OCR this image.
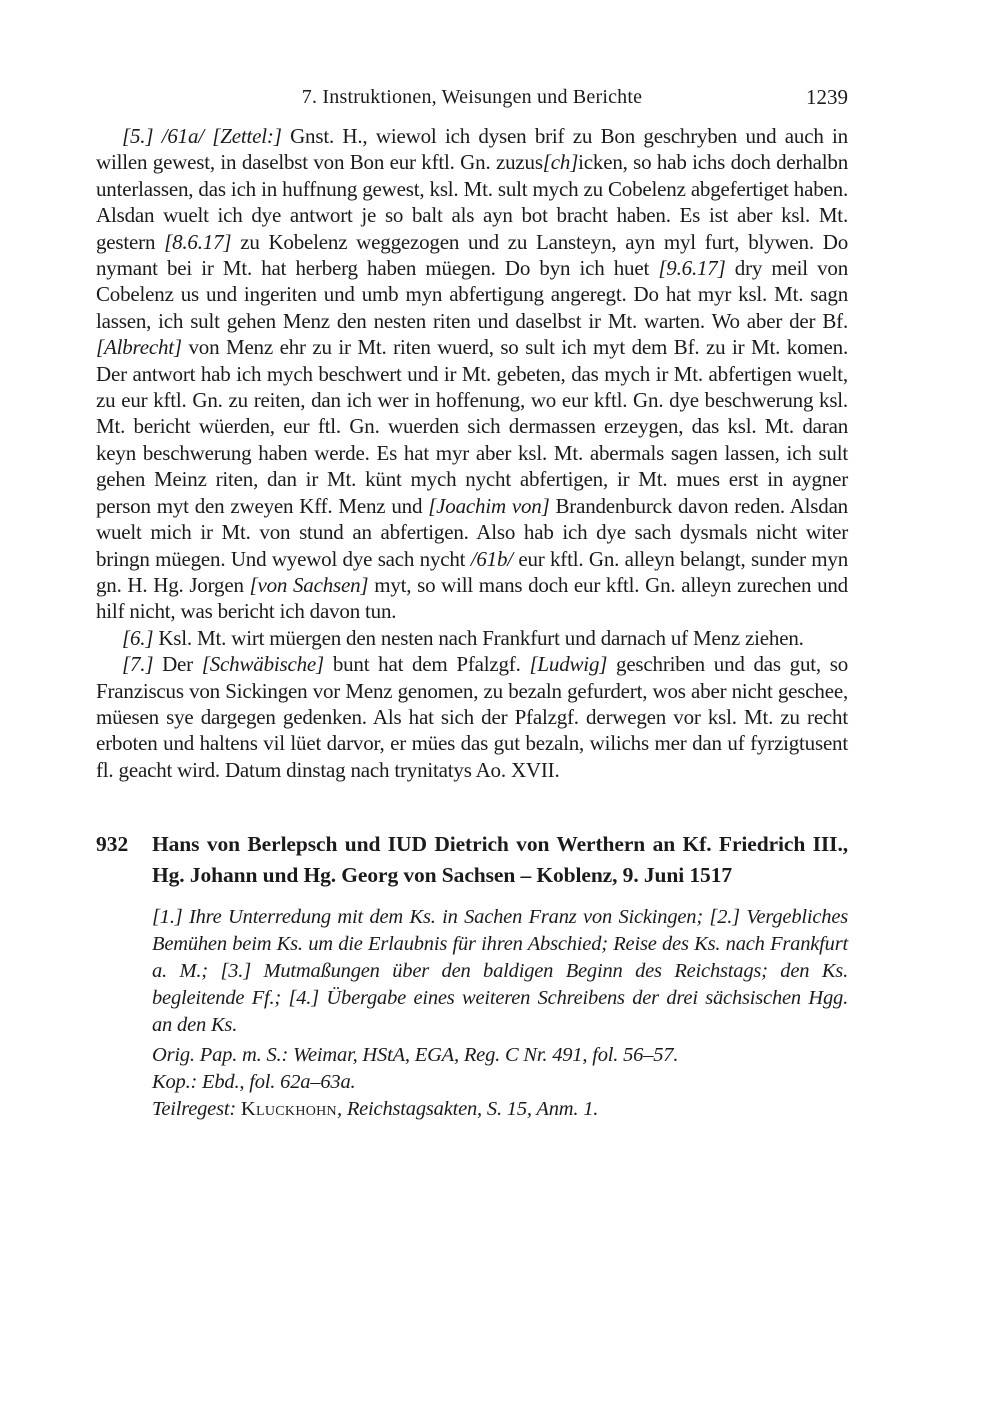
7. Instruktionen, Weisungen und Berichte	1239

[5.] /61a/ [Zettel:] Gnst. H., wiewol ich dysen brif zu Bon geschryben und auch in willen gewest, in daselbst von Bon eur kftl. Gn. zuzus[ch]icken, so hab ichs doch derhalbn unterlassen, das ich in huffnung gewest, ksl. Mt. sult mych zu Cobelenz abgefertiget haben. Alsdan wuelt ich dye antwort je so balt als ayn bot bracht haben. Es ist aber ksl. Mt. gestern [8.6.17] zu Kobelenz weggezogen und zu Lansteyn, ayn myl furt, blywen. Do nymant bei ir Mt. hat herberg haben müegen. Do byn ich huet [9.6.17] dry meil von Cobelenz us und ingeriten und umb myn abfertigung angeregt. Do hat myr ksl. Mt. sagn lassen, ich sult gehen Menz den nesten riten und daselbst ir Mt. warten. Wo aber der Bf. [Albrecht] von Menz ehr zu ir Mt. riten wuerd, so sult ich myt dem Bf. zu ir Mt. komen. Der antwort hab ich mych beschwert und ir Mt. gebeten, das mych ir Mt. abfertigen wuelt, zu eur kftl. Gn. zu reiten, dan ich wer in hoffenung, wo eur kftl. Gn. dye beschwerung ksl. Mt. bericht wüerden, eur ftl. Gn. wuerden sich dermassen erzeygen, das ksl. Mt. daran keyn beschwerung haben werde. Es hat myr aber ksl. Mt. abermals sagen lassen, ich sult gehen Meinz riten, dan ir Mt. künt mych nycht abfertigen, ir Mt. mues erst in aygner person myt den zweyen Kff. Menz und [Joachim von] Brandenburck davon reden. Alsdan wuelt mich ir Mt. von stund an abfertigen. Also hab ich dye sach dysmals nicht witer bringn müegen. Und wyewol dye sach nycht /61b/ eur kftl. Gn. alleyn belangt, sunder myn gn. H. Hg. Jorgen [von Sachsen] myt, so will mans doch eur kftl. Gn. alleyn zurechen und hilf nicht, was bericht ich davon tun.

[6.] Ksl. Mt. wirt müergen den nesten nach Frankfurt und darnach uf Menz ziehen.

[7.] Der [Schwäbische] bunt hat dem Pfalzgf. [Ludwig] geschriben und das gut, so Franziscus von Sickingen vor Menz genomen, zu bezaln gefurdert, wos aber nicht geschee, müesen sye dargegen gedenken. Als hat sich der Pfalzgf. derwegen vor ksl. Mt. zu recht erboten und haltens vil lüet darvor, er mües das gut bezaln, wilichs mer dan uf fyrzigtusent fl. geacht wird. Datum dinstag nach trynitatys Ao. XVII.

932	Hans von Berlepsch und IUD Dietrich von Werthern an Kf. Friedrich III., Hg. Johann und Hg. Georg von Sachsen – Koblenz, 9. Juni 1517

[1.] Ihre Unterredung mit dem Ks. in Sachen Franz von Sickingen; [2.] Vergebliches Bemühen beim Ks. um die Erlaubnis für ihren Abschied; Reise des Ks. nach Frankfurt a. M.; [3.] Mutmaßungen über den baldigen Beginn des Reichstags; den Ks. begleitende Ff.; [4.] Übergabe eines weiteren Schreibens der drei sächsischen Hgg. an den Ks.

Orig. Pap. m. S.: Weimar, HStA, EGA, Reg. C Nr. 491, fol. 56–57.

Kop.: Ebd., fol. 62a–63a.

Teilregest: Kluckhohn, Reichstagsakten, S. 15, Anm. 1.
